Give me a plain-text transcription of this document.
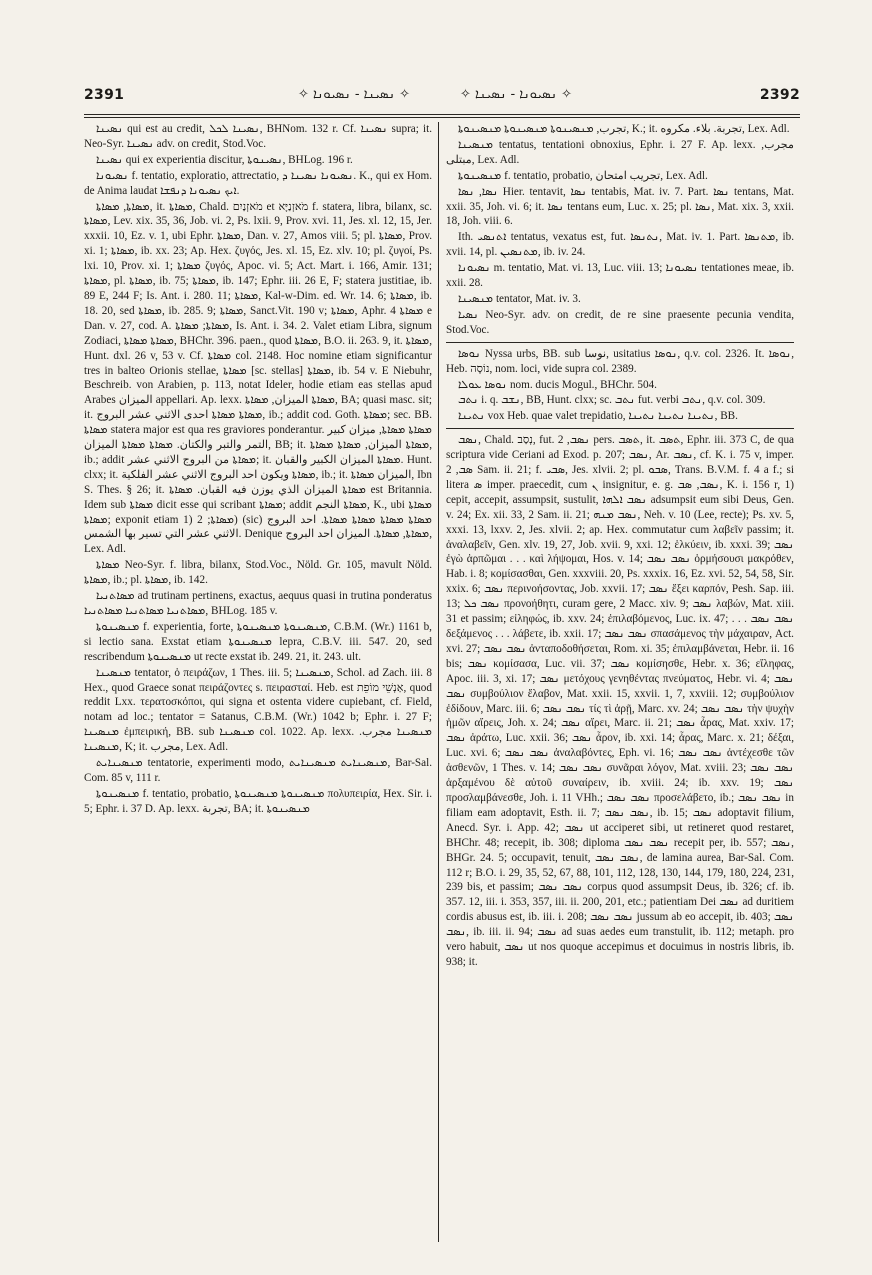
2391	✧ ܢܣܝܢܐ - ܢܣܝܘܢܐ ✧	✧ ܢܣܝܘܢܐ - ܢܣܝܢܐ ✧	2392

ܢܣܝܢܐ qui est au credit, ܢܣܝܢܐ ܠܟܠ, BHNom. 132 r. Cf. ܢܣܝܢܐ supra; it. Neo-Syr. ܢܣܝܢܐ adv. on credit, Stod.Voc.

ܢܣܝܢܐ qui ex experientia discitur, ܢܣܝܢܘܬܐ, BHLog. 196 r.

ܢܣܝܘܢܐ f. tentatio, exploratio, attrectatio, ܢܣܝܘܢܐ ܢܣܝܢܐ ܕ. K., qui ex Hom. de Anima laudat ܐܝܟ ܢܣܝܘܢܐ ܕܢܦܫܐ.

ܡܣܐܬܐ, ܡܣܐܬܐ, it. ܡܣܐܬܐ, Chald. מֹאזְנַיִם et מֹאזְנַיָּא f. statera, libra, bilanx, sc. ܡܣܐܬܐ, Lev. xix. 35, 36, Job. vi. 2, Ps. lxii. 9, Prov. xvi. 11, Jes. xl. 12, 15, Jer. xxxii. 10, Ez. v. 1, ubi Ephr. ܡܣܐܬܐ, Dan. v. 27, Amos viii. 5; pl. ܡܣܐܬܐ, Prov. xi. 1; ܡܣܐܬܐ, ib. xx. 23; Ap. Hex. ζυγός, Jes. xl. 15, Ez. xlv. 10; pl. ζυγοί, Ps. lxi. 10, Prov. xi. 1; ܡܣܐܬܐ ζυγός, Apoc. vi. 5; Act. Mart. i. 166, Amir. 131; ܡܣܐܬܐ, pl. ܡܣܐܬܐ, ib. 75; ܡܣܐܬܐ, ib. 147; Ephr. iii. 26 E, F; statera justitiae, ib. 89 E, 244 F; Is. Ant. i. 280. 11; ܡܣܐܬܐ, Kal-w-Dim. ed. Wr. 14. 6; ܡܣܐܬܐ, ib. 18. 20, sed ܡܣܐܬܐ, ib. 285. 9; ܡܣܐܬܐ, Sanct.Vit. 190 v; ܡܣܐܬܐ, Aphr. ܡܣܐܬܐ 4 e Dan. v. 27, cod. A. ܡܣܐܬܐ; ܡܣܐܬܐ, Is. Ant. i. 34. 2. Valet etiam Libra, signum Zodiaci, ܡܣܐܬܐ ܡܣܐܬܐ, BHChr. 396. paen., quod ܡܣܐܬܐ, B.O. ii. 263. 9, it. ܡܣܐܬܐ, Hunt. dxl. 26 v, 53 v. Cf. ܡܣܐܬܐ col. 2148. Hoc nomine etiam significantur tres in balteo Orionis stellae, ܡܣܐܬܐ [sc. stellas] ܡܣܐܬܐ, ib. 54 v. E Niebuhr, Beschreib. von Arabien, p. 113, notat Ideler, hodie etiam eas stellas apud Arabes الميزان appellari. Ap. lexx. ܡܣܐܬܐ الميزان, ܡܣܐܬܐ, BA; quasi masc. sit; it. ܡܣܐܬܐ ܡܣܐܬܐ احدى الاثني عشر البروج, ib.; addit cod. Goth. ܡܣܐܬܐ; sec. BB. ܡܣܐܬܐ statera major est qua res graviores ponderantur. ܡܣܐܬܐ ܡܣܐܬܐ, ميزان كبير التمر والتبر والكتان. ܡܣܐܬܐ ܡܣܐܬܐ الميزان, BB; it. ܡܣܐܬܐ الميزان, ܡܣܐܬܐ ܡܣܐܬܐ, ib.; addit ܡܣܐܬܐ من البروج الاثني عشر; it. ܡܣܐܬܐ الميزان الكبير والقبان. Hunt. clxx; it. ܡܣܐܬܐ ويكون احد البروج الاثني عشر الفلكية, ib.; it. الميزان ܡܣܐܬܐ, Ibn S. Thes. § 26; it. ܡܣܐܬܐ الميزان الذي يوزن فيه القبان. ܡܣܐܬܐ est Britannia. Idem sub ܡܣܐܬܐ dicit esse qui scribant ܡܣܐܬܐ; addit ܡܣܐܬܐ النجم, K., ubi ܡܣܐܬܐ ܡܣܐܬܐ; exponit etiam 1) ܡܣܐܬܐ; 2) (sic) ܡܣܐܬܐ ܡܣܐܬܐ ܡܣܐܬܐ ܡܣܐܬܐ. احد البروج الاثني عشر التي تسير بها الشمس. Denique ܡܣܐܬܐ, ܡܣܐܬܐ. الميزان احد البروج, Lex. Adl.

ܡܣܐܬܐ Neo-Syr. f. libra, bilanx, Stod.Voc., Nöld. Gr. 105, mavult Nöld. ܡܣܐܬܐ, ib.; pl. ܡܣܐܬܐ, ib. 142.

ܡܣܐܬܢܝܐ ad trutinam pertinens, exactus, aequus quasi in trutina ponderatus ܡܣܐܬܢܝܐ ܡܣܐܬܢܝܐ ܡܣܐܬܢܝܐ, BHLog. 185 v.

ܡܢܣܝܢܘܬܐ f. experientia, forte, ܡܢܣܝܢܘܬܐ ܡܢܣܝܢܘܬܐ, C.B.M. (Wr.) 1161 b, si lectio sana. Exstat etiam ܡܢܣܝܢܘܬܐ lepra, C.B.V. iii. 547. 20, sed rescribendum ܡܢܣܝܢܘܬܐ ut recte exstat ib. 249. 21, it. 243. ult.

ܡܢܣܝܢܐ tentator, ὁ πειράζων, 1 Thes. iii. 5; ܡܢܣܝܢܐ, Schol. ad Zach. iii. 8 Hex., quod Graece sonat πειράζοντες s. πειρασταί. Heb. est אַנְשֵׁי מוֹפֵת, quod reddit Lxx. τερατοσκόποι, qui signa et ostenta videre cupiebant, cf. Field, notam ad loc.; tentator = Satanus, C.B.M. (Wr.) 1042 b; Ephr. i. 27 F; ܡܢܣܝܢܐ ἐμπειρική, BB. sub ܡܢܣܝܢܐ col. 1022. Ap. lexx. ܡܢܣܝܢܐ مجرب. ܡܢܣܝܢܐ, K; it. مجرب, Lex. Adl.

ܡܢܣܝܢܐܝܬ tentatorie, experimenti modo, ܡܢܣܝܢܐܝܬ ܡܢܣܝܢܐܝܬ, Bar-Sal. Com. 85 v, 111 r.

ܡܢܣܝܢܘܬܐ f. tentatio, probatio, ܡܢܣܝܢܘܬܐ ܡܢܣܝܢܘܬܐ πολυπειρία, Hex. Sir. i. 5; Ephr. i. 37 D. Ap. lexx. تجربة, BA; it. ܡܢܣܝܢܘܬܐ

تجرب, ܡܢܣܝܢܘܬܐ ܡܢܣܝܢܘܬܐ ܡܢܣܝܢܘܬܐ, K.; it. تجربة. بلاء. مكروه, Lex. Adl.

ܡܢܣܝܢܐ tentatus, tentationi obnoxius, Ephr. i. 27 F. Ap. lexx. مجرب, مبتلى, Lex. Adl.

ܡܢܣܝܢܘܬܐ f. tentatio, probatio, تجريب امتحان, Lex. Adl.

ܢܣܐ, ܢܣܐ Hier. tentavit, ܢܣܐ tentabis, Mat. iv. 7. Part. ܢܣܐ tentans, Mat. xxii. 35, Joh. vi. 6; it. ܢܣܐ tentans eum, Luc. x. 25; pl. ܢܣܐ, Mat. xix. 3, xxii. 18, Joh. viii. 6.

Ith. ܐܬܢܣܝ tentatus, vexatus est, fut. ܢܬܢܣܐ, Mat. iv. 1. Part. ܡܬܢܣܐ, ib. xvii. 14, pl. ܡܬܢܣܝܢ, ib. iv. 24.

ܢܣܝܘܢܐ m. tentatio, Mat. vi. 13, Luc. viii. 13; ܢܣܝܘܢܐ tentationes meae, ib. xxii. 28.

ܡܢܣܝܢܐ tentator, Mat. iv. 3.

ܢܣܝܐ Neo-Syr. adv. on credit, de re sine praesente pecunia vendita, Stod.Voc.

ܢܘܣܐ Nyssa urbs, BB. sub نوسا, usitatius ܢܘܣܐ, q.v. col. 2326. It. ܢܘܣܐ, Heb. נוֹסָה, nom. loci, vide supra col. 2389.

ܢܘܣܐ ܥܘܠܐ nom. ducis Mogul., BHChr. 504.

ܢܬܒ i. q. ܢܫܒ, BB, Hunt. clxx; sc. ܢܬܒ fut. verbi ܢܬܒ, q.v. col. 309.

ܢܬܝܢܐ vox Heb. quae valet trepidatio, ܢܬܝܢܐ ܢܬܝܢܐ ܢܬܝܢܐ, BB.

ܢܣܒ, Chald. נְסַב, fut. ܢܣܒ, 2 pers. ܬܣܒ, it. ܬܣܒ, Ephr. iii. 373 C, de qua scriptura vide Ceriani ad Exod. p. 207; ܢܣܒ, Ar. ܢܣܒ, cf. K. i. 75 v, imper. ܣܒ, 2 Sam. ii. 21; f. ܣܒܝ, Jes. xlvii. 2; pl. ܣܒܘ, Trans. B.V.M. f. 4 a f.; si litera ܣ imper. praecedit, cum ܢ insignitur, e. g. ܢܣܒ, ܣܒ, K. i. 156 r, 1) cepit, accepit, assumpsit, sustulit, ܢܣܒ ܐܠܗܐ adsumpsit eum sibi Deus, Gen. v. 24; Ex. xii. 33, 2 Sam. ii. 21; ܢܣܒ ܡܢܗ, Neh. v. 10 (Lee, recte); Ps. xv. 5, xxxi. 13, lxxv. 2, Jes. xlvii. 2; ap. Hex. commutatur cum λαβεῖν passim; it. ἀναλαβεῖν, Gen. xlv. 19, 27, Job. xvii. 9, xxi. 12; ἑλκύειν, ib. xxxi. 39; ܢܣܒ ἐγὼ ἁρπῶμαι . . . καὶ λήψομαι, Hos. v. 14; ܢܣܒ ܢܣܒ ὁρμήσουσι μακρόθεν, Hab. i. 8; κομίσασθαι, Gen. xxxviii. 20, Ps. xxxix. 16, Ez. xvi. 52, 54, 58, Sir. xxix. 6; ܢܣܒ περινοήσοντας, Job. xxvii. 17; ܢܣܒ ἕξει καρπόν, Pesh. Sap. iii. 13; ܢܣܒ ܟܠ προνοήθητι, curam gere, 2 Macc. xiv. 9; ܢܣܒ λαβών, Mat. xiii. 31 et passim; εἰληφώς, ib. xxv. 24; ἐπιλαβόμενος, Luc. ix. 47; . . . ܢܣܒ ܢܣܒ δεξάμενος . . . λάβετε, ib. xxii. 17; ܢܣܒ ܢܣܒ σπασάμενος τὴν μάχαιραν, Act. xvi. 27; ܢܣܒ ܢܣܒ ἀνταποδοθήσεται, Rom. xi. 35; ἐπιλαμβάνεται, Hebr. ii. 16 bis; ܢܣܒ κομίσασα, Luc. vii. 37; ܢܣܒ κομίσησθε, Hebr. x. 36; εἴληφας, Apoc. iii. 3, xi. 17; ܢܣܒ μετόχους γενηθέντας πνεύματος, Hebr. vi. 4; ܢܣܒ ܢܣܒ συμβούλιον ἔλαβον, Mat. xxii. 15, xxvii. 1, 7, xxviii. 12; συμβούλιον ἐδίδουν, Marc. iii. 6; ܢܣܒ ܢܣܒ τίς τὶ ἀρῇ, Marc. xv. 24; ܢܣܒ ܢܣܒ τὴν ψυχὴν ἡμῶν αἴρεις, Joh. x. 24; ܢܣܒ αἴρει, Marc. ii. 21; ܢܣܒ ἆρας, Mat. xxiv. 17; ܢܣܒ ἀράτω, Luc. xxii. 36; ܢܣܒ ἆρον, ib. xxi. 14; ἆρας, Marc. x. 21; δέξαι, Luc. xvi. 6; ܢܣܒ ܢܣܒ ἀναλαβόντες, Eph. vi. 16; ܢܣܒ ܢܣܒ ἀντέχεσθε τῶν ἀσθενῶν, 1 Thes. v. 14; ܢܣܒ ܢܣܒ συνᾶραι λόγον, Mat. xviii. 23; ܢܣܒ ܢܣܒ ἀρξαμένου δὲ αὐτοῦ συναίρειν, ib. xviii. 24; ib. xxv. 19; ܢܣܒ προσλαμβάνεσθε, Joh. i. 11 VHh.; ܢܣܒ ܢܣܒ προσελάβετο, ib.; ܢܣܒ ܢܣܒ in filiam eam adoptavit, Esth. ii. 7; ܢܣܒ ܢܣܒ, ib. 15; ܢܣܒ adoptavit filium, Anecd. Syr. i. App. 42; ܢܣܒ ut acciperet sibi, ut retineret quod restaret, BHChr. 48; recepit, ib. 308; diploma ܢܣܒ ܢܣܒ recepit per, ib. 557; ܢܣܒ, BHGr. 24. 5; occupavit, tenuit, ܢܣܒ ܢܣܒ, de lamina aurea, Bar-Sal. Com. 112 r; B.O. i. 29, 35, 52, 67, 88, 101, 112, 128, 130, 144, 179, 180, 224, 231, 239 bis, et passim; ܢܣܒ ܢܣܒ corpus quod assumpsit Deus, ib. 326; cf. ib. 357. 12, iii. i. 353, 357, iii. ii. 200, 201, etc.; patientiam Dei ܢܣܒ ad duritiem cordis abusus est, ib. iii. i. 208; ܢܣܒ ܢܣܒ jussum ab eo accepit, ib. 403; ܢܣܒ ܢܣܒ, ib. iii. ii. 94; ܢܣܒ ad suas aedes eum transtulit, ib. 112; metaph. pro vero habuit, ܢܣܒ ut nos quoque accepimus et docuimus in nostris libris, ib. 938; it.
